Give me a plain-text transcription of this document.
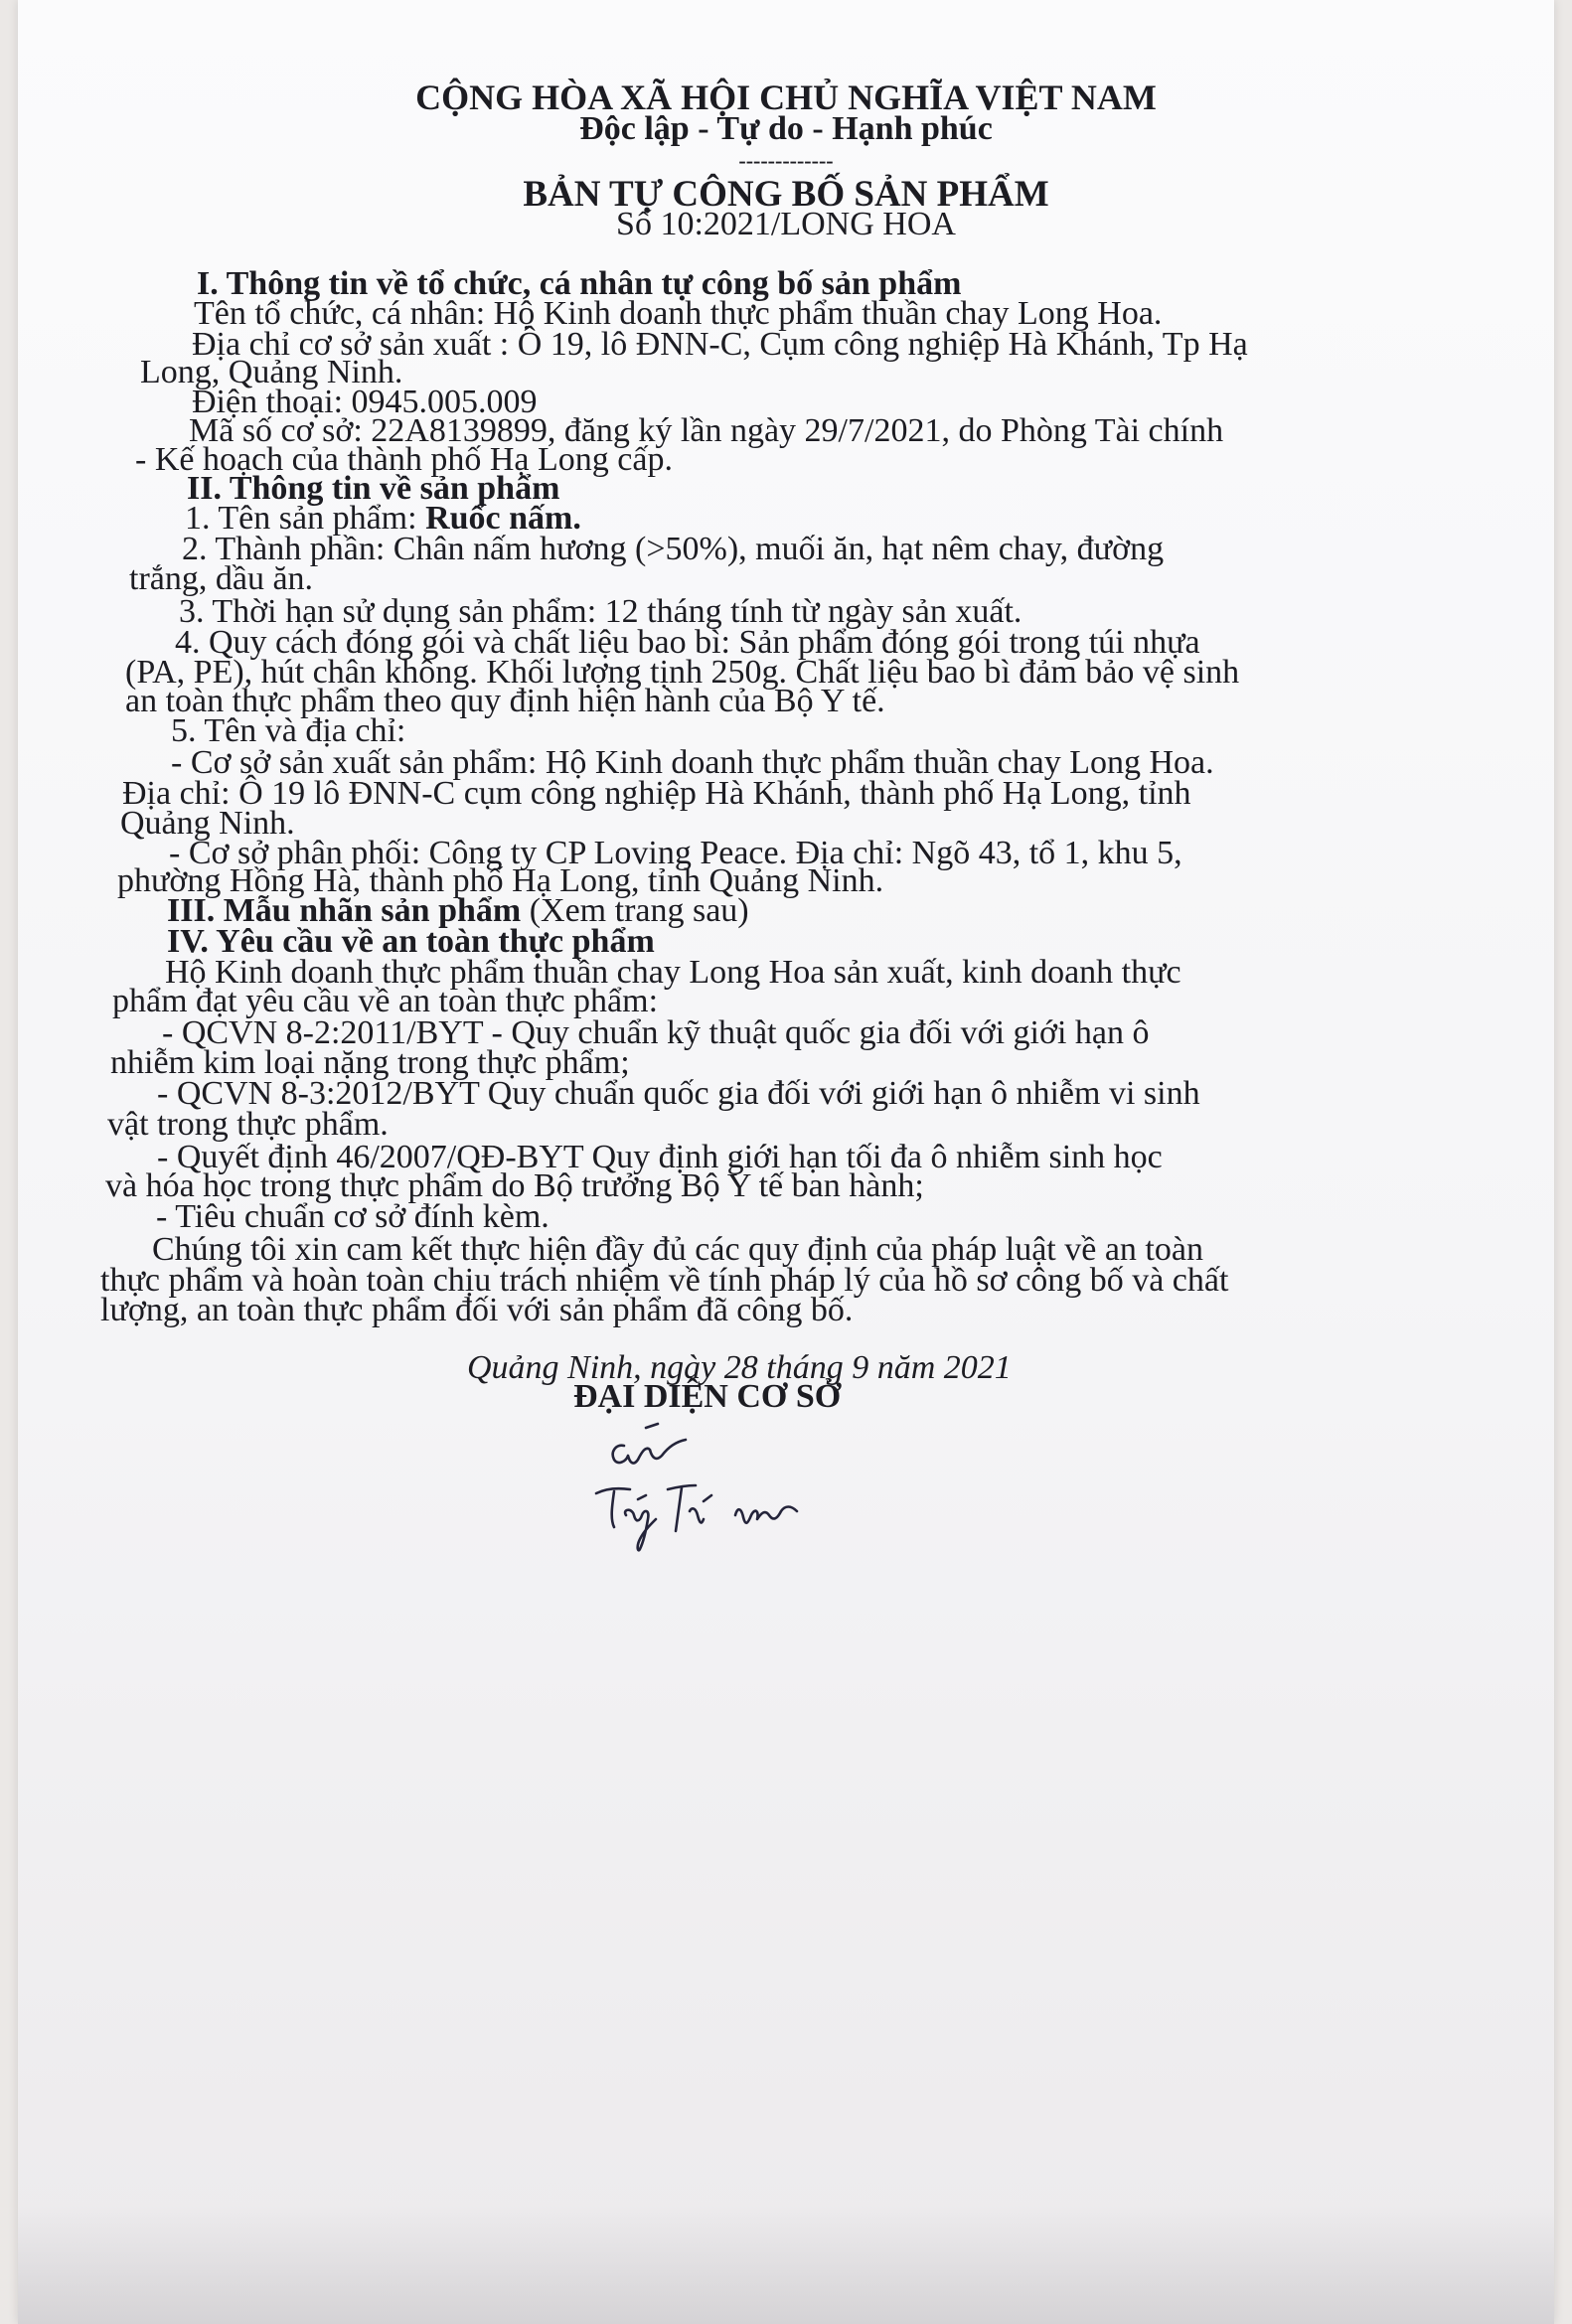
CỘNG HÒA XÃ HỘI CHỦ NGHĨA VIỆT NAM
Độc lập - Tự do - Hạnh phúc
-------------
BẢN TỰ CÔNG BỐ SẢN PHẨM
Số 10:2021/LONG HOA
I. Thông tin về tổ chức, cá nhân tự công bố sản phẩm
Tên tổ chức, cá nhân: Hộ Kinh doanh thực phẩm thuần chay Long Hoa.
Địa chỉ cơ sở sản xuất : Ô 19, lô ĐNN-C, Cụm công nghiệp Hà Khánh, Tp Hạ
Long, Quảng Ninh.
Điện thoại: 0945.005.009
Mã số cơ sở: 22A8139899, đăng ký lần ngày 29/7/2021, do Phòng Tài chính
- Kế hoạch của thành phố Hạ Long cấp.
II. Thông tin về sản phẩm
1. Tên sản phẩm: Ruốc nấm.
2. Thành phần: Chân nấm hương (>50%), muối ăn, hạt nêm chay, đường
trắng, dầu ăn.
3. Thời hạn sử dụng sản phẩm: 12 tháng tính từ ngày sản xuất.
4. Quy cách đóng gói và chất liệu bao bì: Sản phẩm đóng gói trong túi nhựa
(PA, PE), hút chân không. Khối lượng tịnh 250g. Chất liệu bao bì đảm bảo vệ sinh
an toàn thực phẩm theo quy định hiện hành của Bộ Y tế.
5. Tên và địa chỉ:
- Cơ sở sản xuất sản phẩm: Hộ Kinh doanh thực phẩm thuần chay Long Hoa.
Địa chỉ: Ô 19 lô ĐNN-C cụm công nghiệp Hà Khánh, thành phố Hạ Long, tỉnh
Quảng Ninh.
- Cơ sở phân phối: Công ty CP Loving Peace. Địa chỉ: Ngõ 43, tổ 1, khu 5,
phường Hồng Hà, thành phố Hạ Long, tỉnh Quảng Ninh.
III. Mẫu nhãn sản phẩm (Xem trang sau)
IV. Yêu cầu về an toàn thực phẩm
Hộ Kinh doanh thực phẩm thuần chay Long Hoa sản xuất, kinh doanh thực
phẩm đạt yêu cầu về an toàn thực phẩm:
- QCVN 8-2:2011/BYT - Quy chuẩn kỹ thuật quốc gia đối với giới hạn ô
nhiễm kim loại nặng trong thực phẩm;
- QCVN 8-3:2012/BYT Quy chuẩn quốc gia đối với giới hạn ô nhiễm vi sinh
vật trong thực phẩm.
- Quyết định 46/2007/QĐ-BYT Quy định giới hạn tối đa ô nhiễm sinh học
và hóa học trong thực phẩm do Bộ trưởng Bộ Y tế ban hành;
- Tiêu chuẩn cơ sở đính kèm.
Chúng tôi xin cam kết thực hiện đầy đủ các quy định của pháp luật về an toàn
thực phẩm và hoàn toàn chịu trách nhiệm về tính pháp lý của hồ sơ công bố và chất
lượng, an toàn thực phẩm đối với sản phẩm đã công bố.
Quảng Ninh, ngày 28 tháng 9 năm 2021
ĐẠI DIỆN CƠ SỞ
